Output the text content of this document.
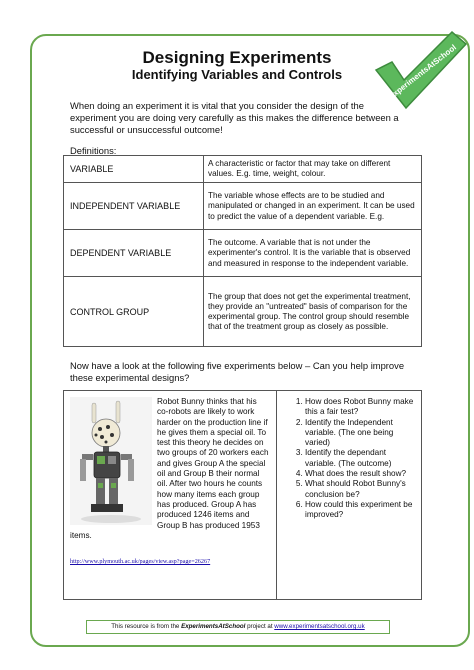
Designing Experiments
Identifying Variables and Controls	ExperimentsAtSchool
When doing an experiment it is vital that you consider the design of the experiment you are doing very carefully as this makes the difference between a successful or unsuccessful outcome!
Definitions:
VARIABLE	A characteristic or factor that may take on different values. E.g. time, weight, colour.
INDEPENDENT VARIABLE	The variable whose effects are to be studied and manipulated or changed in an experiment. It can be used to predict the value of a dependent variable. E.g.
DEPENDENT VARIABLE	The outcome. A variable that is not under the experimenter's control. It is the variable that is observed and measured in response to the independent variable.
CONTROL GROUP	The group that does not get the experimental treatment, they provide an "untreated" basis of comparison for the experimental group. The control group should resemble that of the treatment group as closely as possible.
Now have a look at the following five experiments below – Can you help improve these experimental designs?

Robot Bunny thinks that his co-robots are likely to work harder on the production line if he gives them a special oil. To test this theory he decides on two groups of 20 workers each and gives Group A the special oil and Group B their normal oil. After two hours he counts how many items each group has produced. Group A has produced 1246 items and Group B has produced 1953 items.

http://www.plymouth.ac.uk/pages/view.asp?page=26267

1. How does Robot Bunny make this a fair test?
2. Identify the Independent variable. (The one being varied)
3. Identify the dependant variable. (The outcome)
4. What does the result show?
5. What should Robot Bunny's conclusion be?
6. How could this experiment be improved?
This resource is from the ExperimentsAtSchool project at www.experimentsatschool.org.uk
